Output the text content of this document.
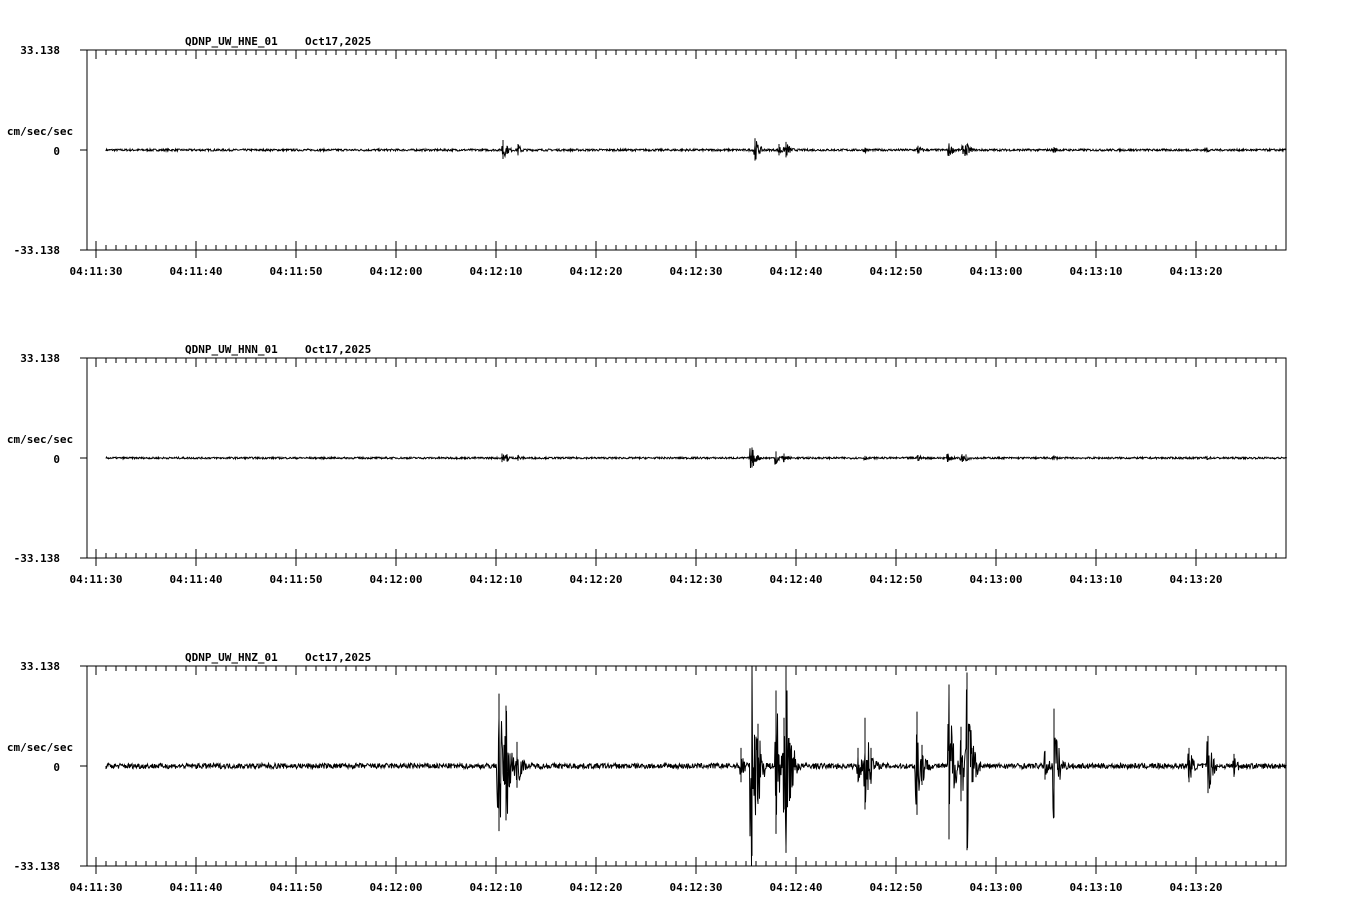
QDNP_UW_HNE_01 Oct17,2025
33.138
0
-33.138
cm/sec/sec
04:11:30	04:11:40	04:11:50	04:12:00	04:12:10	04:12:20	04:12:30	04:12:40	04:12:50	04:13:00	04:13:10	04:13:20
QDNP_UW_HNN_01 Oct17,2025
33.138
0
-33.138
cm/sec/sec
04:11:30	04:11:40	04:11:50	04:12:00	04:12:10	04:12:20	04:12:30	04:12:40	04:12:50	04:13:00	04:13:10	04:13:20
QDNP_UW_HNZ_01 Oct17,2025
33.138
0
-33.138
cm/sec/sec
04:11:30	04:11:40	04:11:50	04:12:00	04:12:10	04:12:20	04:12:30	04:12:40	04:12:50	04:13:00	04:13:10	04:13:20
